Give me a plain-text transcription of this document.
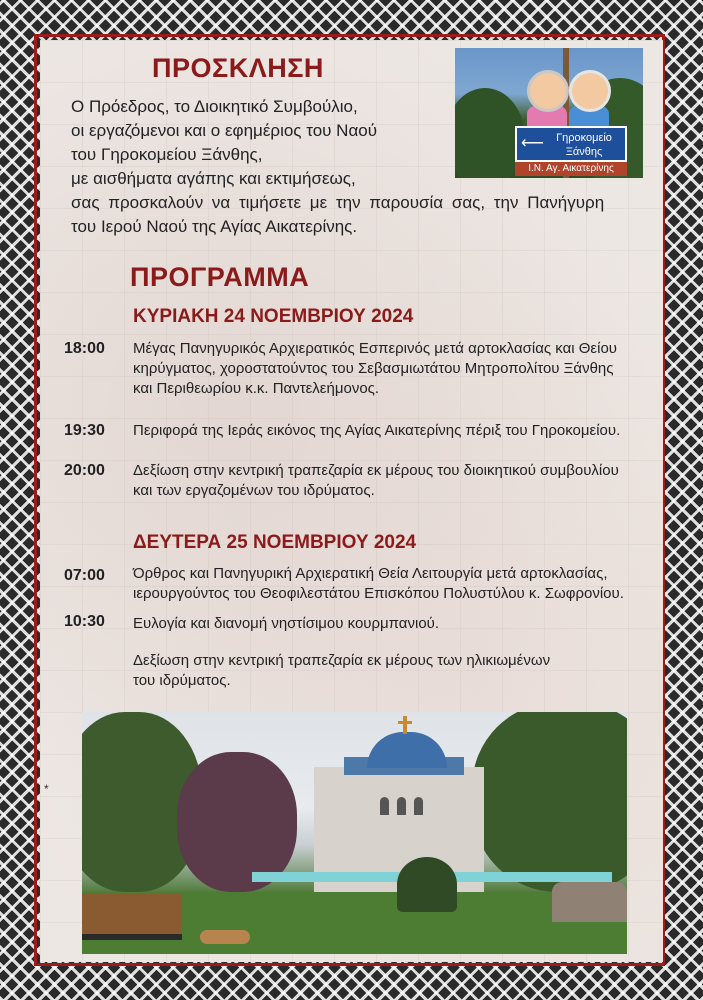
ΠΡΟΣΚΛΗΣΗ
Ο Πρόεδρος, το Διοικητικό Συμβούλιο,
οι εργαζόμενοι και ο εφημέριος του Ναού
του Γηροκομείου Ξάνθης,
με αισθήματα αγάπης και εκτιμήσεως,
σας προσκαλούν να τιμήσετε με την παρουσία σας, την Πανήγυρη
του Ιερού Ναού της Αγίας Αικατερίνης.
⟵	Γηροκομείο
Ξάνθης
Ι.Ν. Αγ. Αικατερίνης
ΠΡΟΓΡΑΜΜΑ
ΚΥΡΙΑΚΗ 24 ΝΟΕΜΒΡΙΟΥ 2024
18:00 Μέγας Πανηγυρικός Αρχιερατικός Εσπερινός μετά αρτοκλασίας και Θείου
κηρύγματος, χοροστατούντος του Σεβασμιωτάτου Μητροπολίτου Ξάνθης
και Περιθεωρίου κ.κ. Παντελεήμονος.
19:30 Περιφορά της Ιεράς εικόνος της Αγίας Αικατερίνης πέριξ του Γηροκομείου.
20:00 Δεξίωση στην κεντρική τραπεζαρία εκ μέρους του διοικητικού συμβουλίου
και των εργαζομένων του ιδρύματος.
ΔΕΥΤΕΡΑ 25 ΝΟΕΜΒΡΙΟΥ 2024
07:00 Όρθρος και Πανηγυρική Αρχιερατική Θεία Λειτουργία μετά αρτοκλασίας,
ιερουργούντος του Θεοφιλεστάτου Επισκόπου Πολυστύλου κ. Σωφρονίου.
10:30 Ευλογία και διανομή νηστίσιμου κουρμπανιού.
Δεξίωση στην κεντρική τραπεζαρία εκ μέρους των ηλικιωμένων
του ιδρύματος.
*
